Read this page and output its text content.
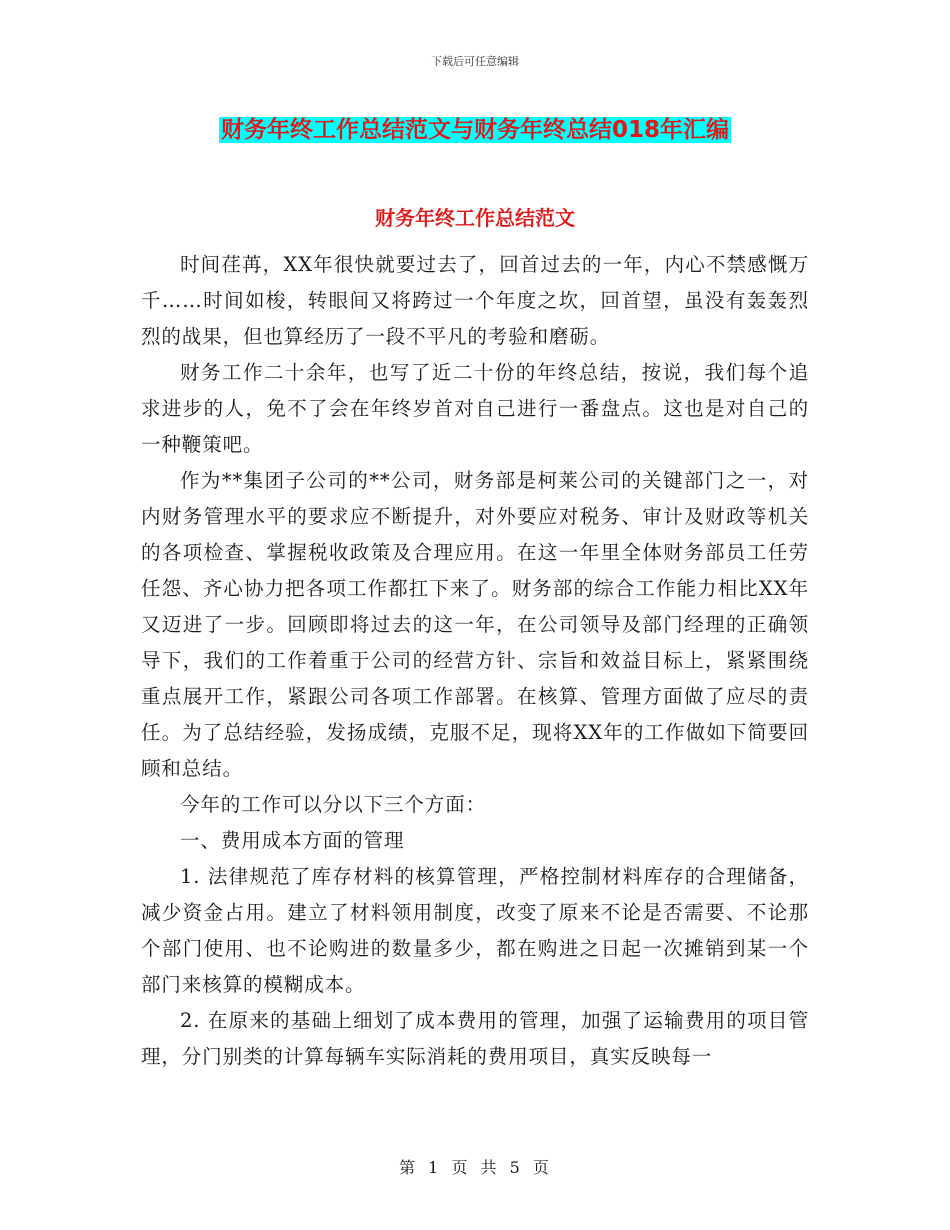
下载后可任意编辑
财务年终工作总结范文与财务年终总结018年汇编
财务年终工作总结范文

时间荏苒，XX年很快就要过去了，回首过去的一年，内心不禁感慨万千……时间如梭，转眼间又将跨过一个年度之坎，回首望，虽没有轰轰烈烈的战果，但也算经历了一段不平凡的考验和磨砺。

财务工作二十余年，也写了近二十份的年终总结，按说，我们每个追求进步的人，免不了会在年终岁首对自己进行一番盘点。这也是对自己的一种鞭策吧。

作为**集团子公司的**公司，财务部是柯莱公司的关键部门之一，对内财务管理水平的要求应不断提升，对外要应对税务、审计及财政等机关的各项检查、掌握税收政策及合理应用。在这一年里全体财务部员工任劳任怨、齐心协力把各项工作都扛下来了。财务部的综合工作能力相比XX年又迈进了一步。回顾即将过去的这一年，在公司领导及部门经理的正确领导下，我们的工作着重于公司的经营方针、宗旨和效益目标上，紧紧围绕重点展开工作，紧跟公司各项工作部署。在核算、管理方面做了应尽的责任。为了总结经验，发扬成绩，克服不足，现将XX年的工作做如下简要回顾和总结。

今年的工作可以分以下三个方面：

一、费用成本方面的管理

1. 法律规范了库存材料的核算管理，严格控制材料库存的合理储备，减少资金占用。建立了材料领用制度，改变了原来不论是否需要、不论那个部门使用、也不论购进的数量多少，都在购进之日起一次摊销到某一个部门来核算的模糊成本。

2. 在原来的基础上细划了成本费用的管理，加强了运输费用的项目管理，分门别类的计算每辆车实际消耗的费用项目，真实反映每一

第 1 页 共 5 页
